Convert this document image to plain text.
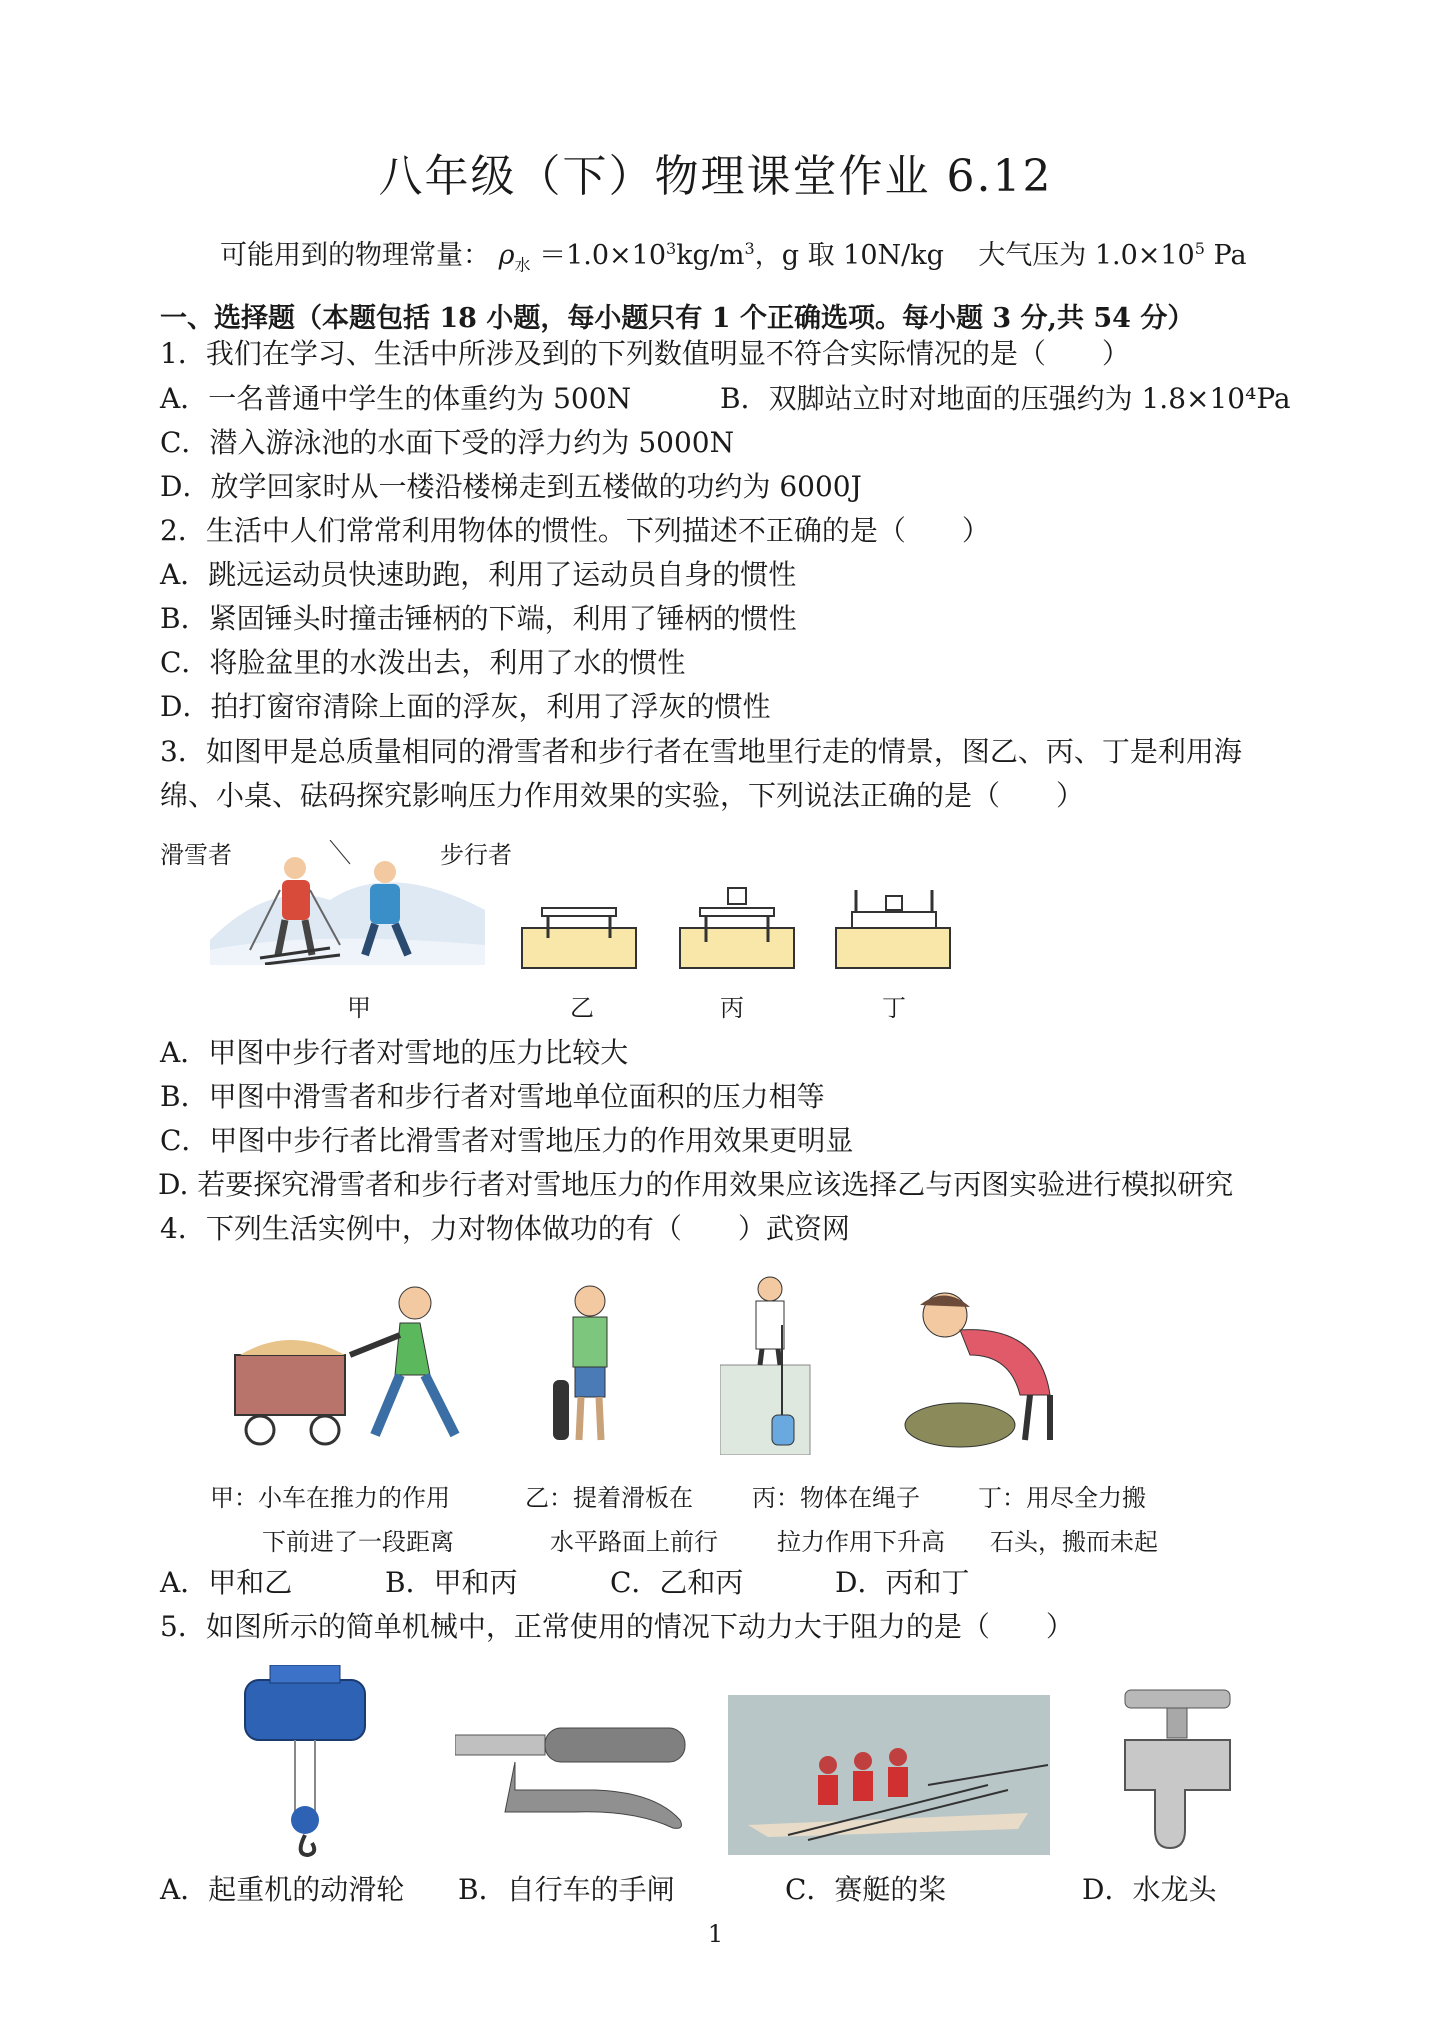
八年级（下）物理课堂作业 6.12
可能用到的物理常量： $\rho_水 =1.0\times 10^3kg/m^3$，g 取 10N/kg 大气压为 $1.0\times 10^5$ Pa
一、选择题（本题包括 18 小题，每小题只有 1 个正确选项。每小题 3 分,共 54 分）
1．我们在学习、生活中所涉及到的下列数值明显不符合实际情况的是（　　）
A．一名普通中学生的体重约为 500N	B．双脚站立时对地面的压强约为 1.8×10⁴Pa
C．潜入游泳池的水面下受的浮力约为 5000N
D．放学回家时从一楼沿楼梯走到五楼做的功约为 6000J
2．生活中人们常常利用物体的惯性。下列描述不正确的是（　　）
A．跳远运动员快速助跑，利用了运动员自身的惯性
B．紧固锤头时撞击锤柄的下端，利用了锤柄的惯性
C．将脸盆里的水泼出去，利用了水的惯性
D．拍打窗帘清除上面的浮灰，利用了浮灰的惯性
3．如图甲是总质量相同的滑雪者和步行者在雪地里行走的情景，图乙、丙、丁是利用海
绵、小桌、砝码探究影响压力作用效果的实验，下列说法正确的是（　　）
滑雪者	步行者
甲	乙	丙	丁
A．甲图中步行者对雪地的压力比较大
B．甲图中滑雪者和步行者对雪地单位面积的压力相等
C．甲图中步行者比滑雪者对雪地压力的作用效果更明显
D. 若要探究滑雪者和步行者对雪地压力的作用效果应该选择乙与丙图实验进行模拟研究
4．下列生活实例中，力对物体做功的有（　　）武资网
甲：小车在推力的作用
下前进了一段距离
乙：提着滑板在
水平路面上前行
丙：物体在绳子
拉力作用下升高
丁：用尽全力搬
石头，搬而未起
A．甲和乙	B．甲和丙	C．乙和丙	D．丙和丁
5．如图所示的简单机械中，正常使用的情况下动力大于阻力的是（　　）
A．起重机的动滑轮 B．自行车的手闸	C．赛艇的桨	D．水龙头
1
